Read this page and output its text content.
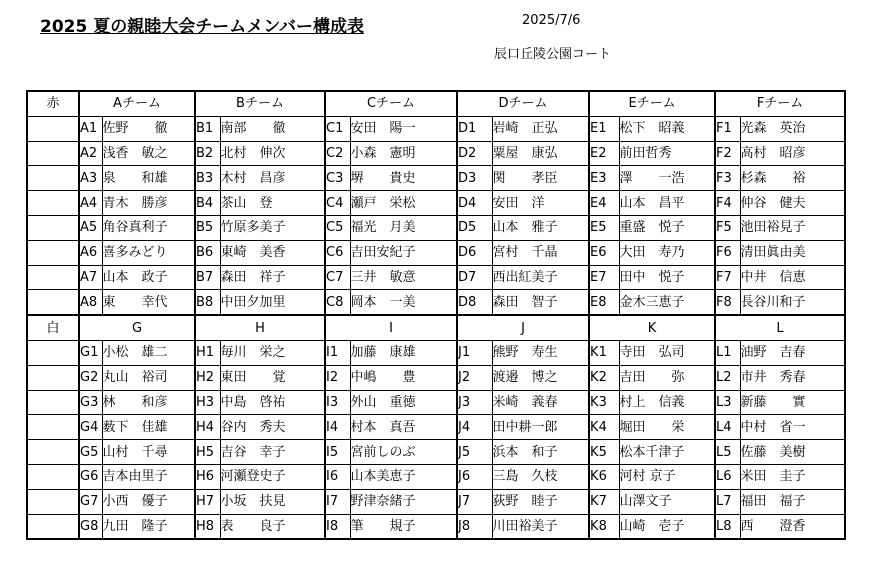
2025 夏の親睦大会チームメンバー構成表	2025/7/6
辰口丘陵公園コート
赤	Aチーム		Bチーム		Cチーム		Dチーム		Eチーム		Fチーム	
	A1	佐野　　徹	B1	南部　　徹	C1	安田　陽一	D1	岩崎　正弘	E1	松下　昭義	F1	光森　英治
	A2	浅香　敏之	B2	北村　伸次	C2	小森　憲明	D2	粟屋　康弘	E2	前田哲秀	F2	高村　昭彦
	A3	泉　　和雄	B3	木村　昌彦	C3	堺　　貴史	D3	関　　孝臣	E3	澤　　一浩	F3	杉森　　裕
	A4	青木　勝彦	B4	茶山　登	C4	瀬戸　栄松	D4	安田　洋	E4	山本　昌平	F4	仲谷　健夫
	A5	角谷真利子	B5	竹原多美子	C5	福光　月美	D5	山本　雅子	E5	重盛　悦子	F5	池田裕見子
	A6	喜多みどり	B6	東崎　美香	C6	吉田安紀子	D6	宮村　千晶	E6	大田　寿乃	F6	清田眞由美
	A7	山本　政子	B7	森田　祥子	C7	三井　敏意	D7	西出紅美子	E7	田中　悦子	F7	中井　信恵
	A8	東　　幸代	B8	中田夕加里	C8	岡本　一美	D8	森田　智子	E8	金木三恵子	F8	長谷川和子
白	G		H		I		J		K		L	
	G1	小松　雄二	H1	毎川　栄之	I1	加藤　康雄	J1	熊野　寿生	K1	寺田　弘司	L1	油野　吉春
	G2	丸山　裕司	H2	東田　　覚	I2	中嶋　　豊	J2	渡邉　博之	K2	吉田　　弥	L2	市井　秀春
	G3	林　　和彦	H3	中島　啓祐	I3	外山　重徳	J3	米崎　義春	K3	村上　信義	L3	新藤　　實
	G4	薮下　佳雄	H4	谷内　秀夫	I4	村本　真吾	J4	田中耕一郎	K4	堀田　　栄	L4	中村　省一
	G5	山村　千尋	H5	吉谷　幸子	I5	宮前しのぶ	J5	浜本　和子	K5	松本千津子	L5	佐藤　美樹
	G6	吉本由里子	H6	河瀬登史子	I6	山本美恵子	J6	三島　久枝	K6	河村 京子	L6	米田　圭子
	G7	小西　優子	H7	小坂　扶見	I7	野津奈緒子	J7	荻野　睦子	K7	山澤文子	L7	福田　福子
	G8	九田　隆子	H8	表　　良子	I8	筆　　規子	J8	川田裕美子	K8	山崎　壱子	L8	西　　澄香
